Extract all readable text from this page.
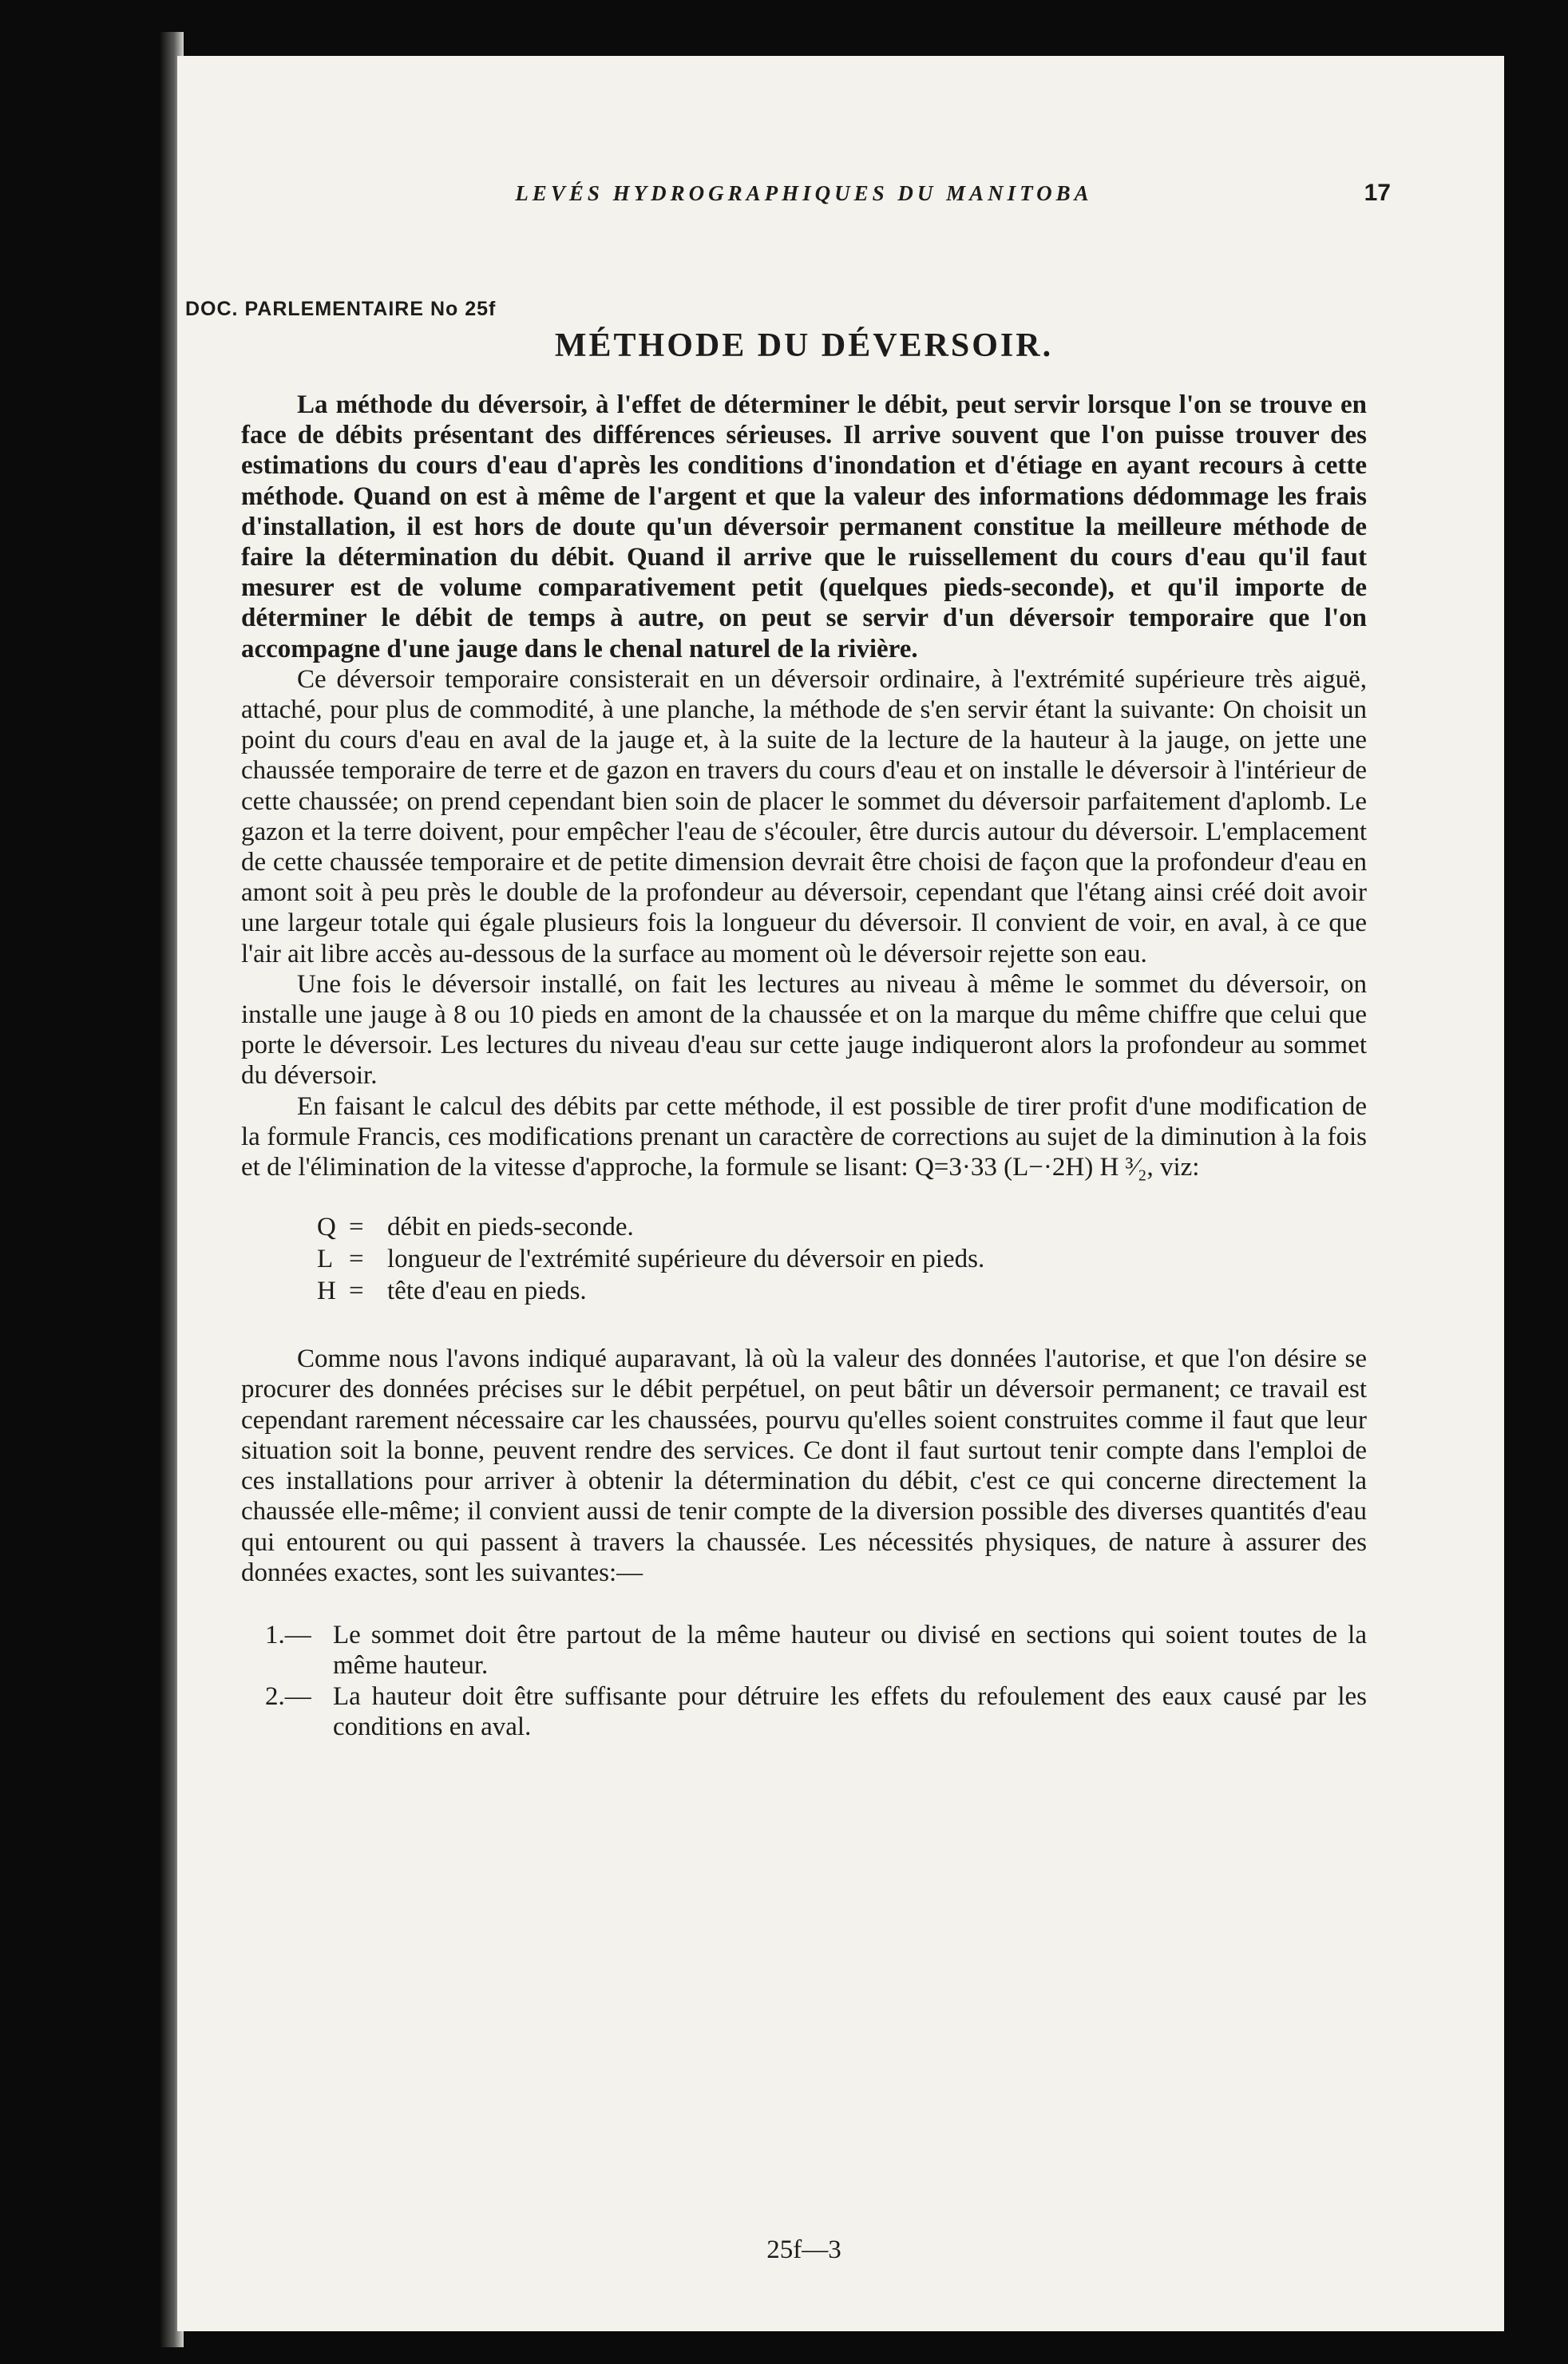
LEVÉS HYDROGRAPHIQUES DU MANITOBA	17
DOC. PARLEMENTAIRE No 25f
MÉTHODE DU DÉVERSOIR.

La méthode du déversoir, à l'effet de déterminer le débit, peut servir lorsque l'on se trouve en face de débits présentant des différences sérieuses. Il arrive souvent que l'on puisse trouver des estimations du cours d'eau d'après les conditions d'inondation et d'étiage en ayant recours à cette méthode. Quand on est à même de l'argent et que la valeur des informations dédommage les frais d'installation, il est hors de doute qu'un déversoir permanent constitue la meilleure méthode de faire la détermination du débit. Quand il arrive que le ruissellement du cours d'eau qu'il faut mesurer est de volume comparativement petit (quelques pieds-seconde), et qu'il importe de déterminer le débit de temps à autre, on peut se servir d'un déversoir temporaire que l'on accompagne d'une jauge dans le chenal naturel de la rivière.

Ce déversoir temporaire consisterait en un déversoir ordinaire, à l'extrémité supérieure très aiguë, attaché, pour plus de commodité, à une planche, la méthode de s'en servir étant la suivante: On choisit un point du cours d'eau en aval de la jauge et, à la suite de la lecture de la hauteur à la jauge, on jette une chaussée temporaire de terre et de gazon en travers du cours d'eau et on installe le déversoir à l'intérieur de cette chaussée; on prend cependant bien soin de placer le sommet du déversoir parfaitement d'aplomb. Le gazon et la terre doivent, pour empêcher l'eau de s'écouler, être durcis autour du déversoir. L'emplacement de cette chaussée temporaire et de petite dimension devrait être choisi de façon que la profondeur d'eau en amont soit à peu près le double de la profondeur au déversoir, cependant que l'étang ainsi créé doit avoir une largeur totale qui égale plusieurs fois la longueur du déversoir. Il convient de voir, en aval, à ce que l'air ait libre accès au-dessous de la surface au moment où le déversoir rejette son eau.

Une fois le déversoir installé, on fait les lectures au niveau à même le sommet du déversoir, on installe une jauge à 8 ou 10 pieds en amont de la chaussée et on la marque du même chiffre que celui que porte le déversoir. Les lectures du niveau d'eau sur cette jauge indiqueront alors la profondeur au sommet du déversoir.

En faisant le calcul des débits par cette méthode, il est possible de tirer profit d'une modification de la formule Francis, ces modifications prenant un caractère de corrections au sujet de la diminution à la fois et de l'élimination de la vitesse d'approche, la formule se lisant: Q=3·33 (L−·2H) H ³⁄₂, viz:

Q = débit en pieds-seconde.
L = longueur de l'extrémité supérieure du déversoir en pieds.
H = tête d'eau en pieds.

Comme nous l'avons indiqué auparavant, là où la valeur des données l'autorise, et que l'on désire se procurer des données précises sur le débit perpétuel, on peut bâtir un déversoir permanent; ce travail est cependant rarement nécessaire car les chaussées, pourvu qu'elles soient construites comme il faut que leur situation soit la bonne, peuvent rendre des services. Ce dont il faut surtout tenir compte dans l'emploi de ces installations pour arriver à obtenir la détermination du débit, c'est ce qui concerne directement la chaussée elle-même; il convient aussi de tenir compte de la diversion possible des diverses quantités d'eau qui entourent ou qui passent à travers la chaussée. Les nécessités physiques, de nature à assurer des données exactes, sont les suivantes:—

1.— Le sommet doit être partout de la même hauteur ou divisé en sections qui soient toutes de la même hauteur.
2.— La hauteur doit être suffisante pour détruire les effets du refoulement des eaux causé par les conditions en aval.
25f—3
